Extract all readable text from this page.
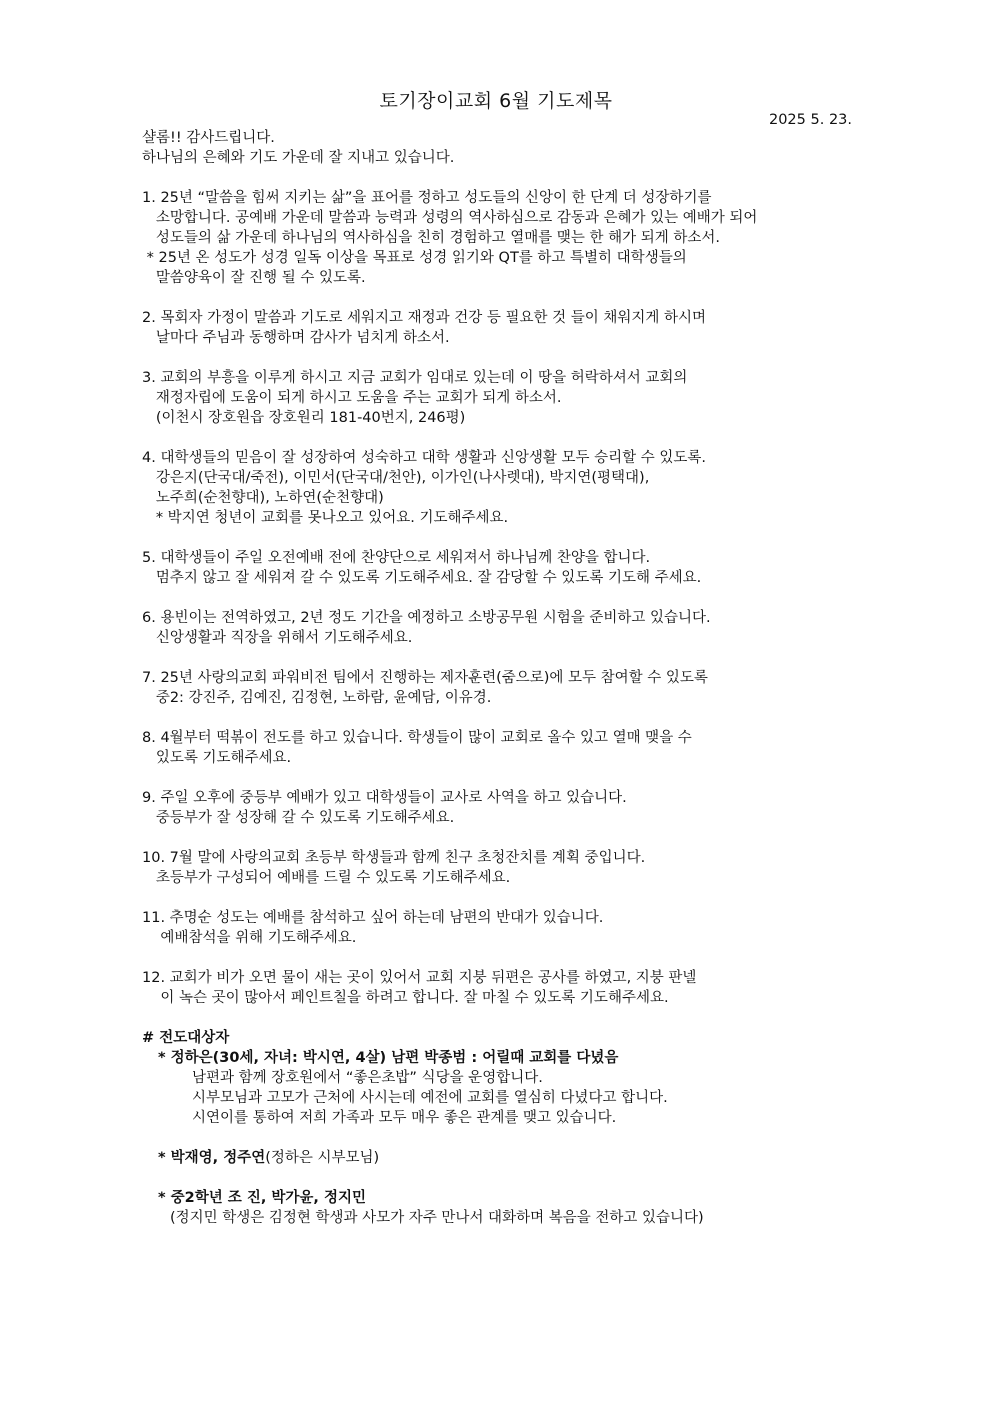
토기장이교회 6월 기도제목
2025 5. 23.
샬롬!! 감사드립니다.
하나님의 은혜와 기도 가운데 잘 지내고 있습니다.
1. 25년 “말씀을 힘써 지키는 삶”을 표어를 정하고 성도들의 신앙이 한 단계 더 성장하기를
소망합니다. 공예배 가운데 말씀과 능력과 성령의 역사하심으로 감동과 은혜가 있는 예배가 되어
성도들의 삶 가운데 하나님의 역사하심을 친히 경험하고 열매를 맺는 한 해가 되게 하소서.
* 25년 온 성도가 성경 일독 이상을 목표로 성경 읽기와 QT를 하고 특별히 대학생들의
말씀양육이 잘 진행 될 수 있도록.
2. 목회자 가정이 말씀과 기도로 세워지고 재정과 건강 등 필요한 것 들이 채워지게 하시며
날마다 주님과 동행하며 감사가 넘치게 하소서.
3. 교회의 부흥을 이루게 하시고 지금 교회가 임대로 있는데 이 땅을 허락하셔서 교회의
재정자립에 도움이 되게 하시고 도움을 주는 교회가 되게 하소서.
(이천시 장호원읍 장호원리 181-40번지, 246평)
4. 대학생들의 믿음이 잘 성장하여 성숙하고 대학 생활과 신앙생활 모두 승리할 수 있도록.
강은지(단국대/죽전), 이민서(단국대/천안), 이가인(나사렛대), 박지연(평택대),
노주희(순천향대), 노하연(순천향대)
* 박지연 청년이 교회를 못나오고 있어요. 기도해주세요.
5. 대학생들이 주일 오전예배 전에 찬양단으로 세워져서 하나님께 찬양을 합니다.
멈추지 않고 잘 세워져 갈 수 있도록 기도해주세요. 잘 감당할 수 있도록 기도해 주세요.
6. 용빈이는 전역하였고, 2년 정도 기간을 예정하고 소방공무원 시험을 준비하고 있습니다.
신앙생활과 직장을 위해서 기도해주세요.
7. 25년 사랑의교회 파워비전 팀에서 진행하는 제자훈련(줌으로)에 모두 참여할 수 있도록
중2: 강진주, 김예진, 김정현, 노하람, 윤예담, 이유경.
8. 4월부터 떡볶이 전도를 하고 있습니다. 학생들이 많이 교회로 올수 있고 열매 맺을 수
있도록 기도해주세요.
9. 주일 오후에 중등부 예배가 있고 대학생들이 교사로 사역을 하고 있습니다.
중등부가 잘 성장해 갈 수 있도록 기도해주세요.
10. 7월 말에 사랑의교회 초등부 학생들과 함께 친구 초청잔치를 계획 중입니다.
초등부가 구성되어 예배를 드릴 수 있도록 기도해주세요.
11. 추명순 성도는 예배를 참석하고 싶어 하는데 남편의 반대가 있습니다.
예배참석을 위해 기도해주세요.
12. 교회가 비가 오면 물이 새는 곳이 있어서 교회 지붕 뒤편은 공사를 하였고, 지붕 판넬
이 녹슨 곳이 많아서 페인트칠을 하려고 합니다. 잘 마칠 수 있도록 기도해주세요.
# 전도대상자
* 정하은(30세, 자녀: 박시연, 4살) 남편 박종범 : 어릴때 교회를 다녔음
남편과 함께 장호원에서 “좋은초밥” 식당을 운영합니다.
시부모님과 고모가 근처에 사시는데 예전에 교회를 열심히 다녔다고 합니다.
시연이를 통하여 저희 가족과 모두 매우 좋은 관계를 맺고 있습니다.
* 박재영, 정주연(정하은 시부모님)
* 중2학년 조 진, 박가윤, 정지민
(정지민 학생은 김정현 학생과 사모가 자주 만나서 대화하며 복음을 전하고 있습니다)
